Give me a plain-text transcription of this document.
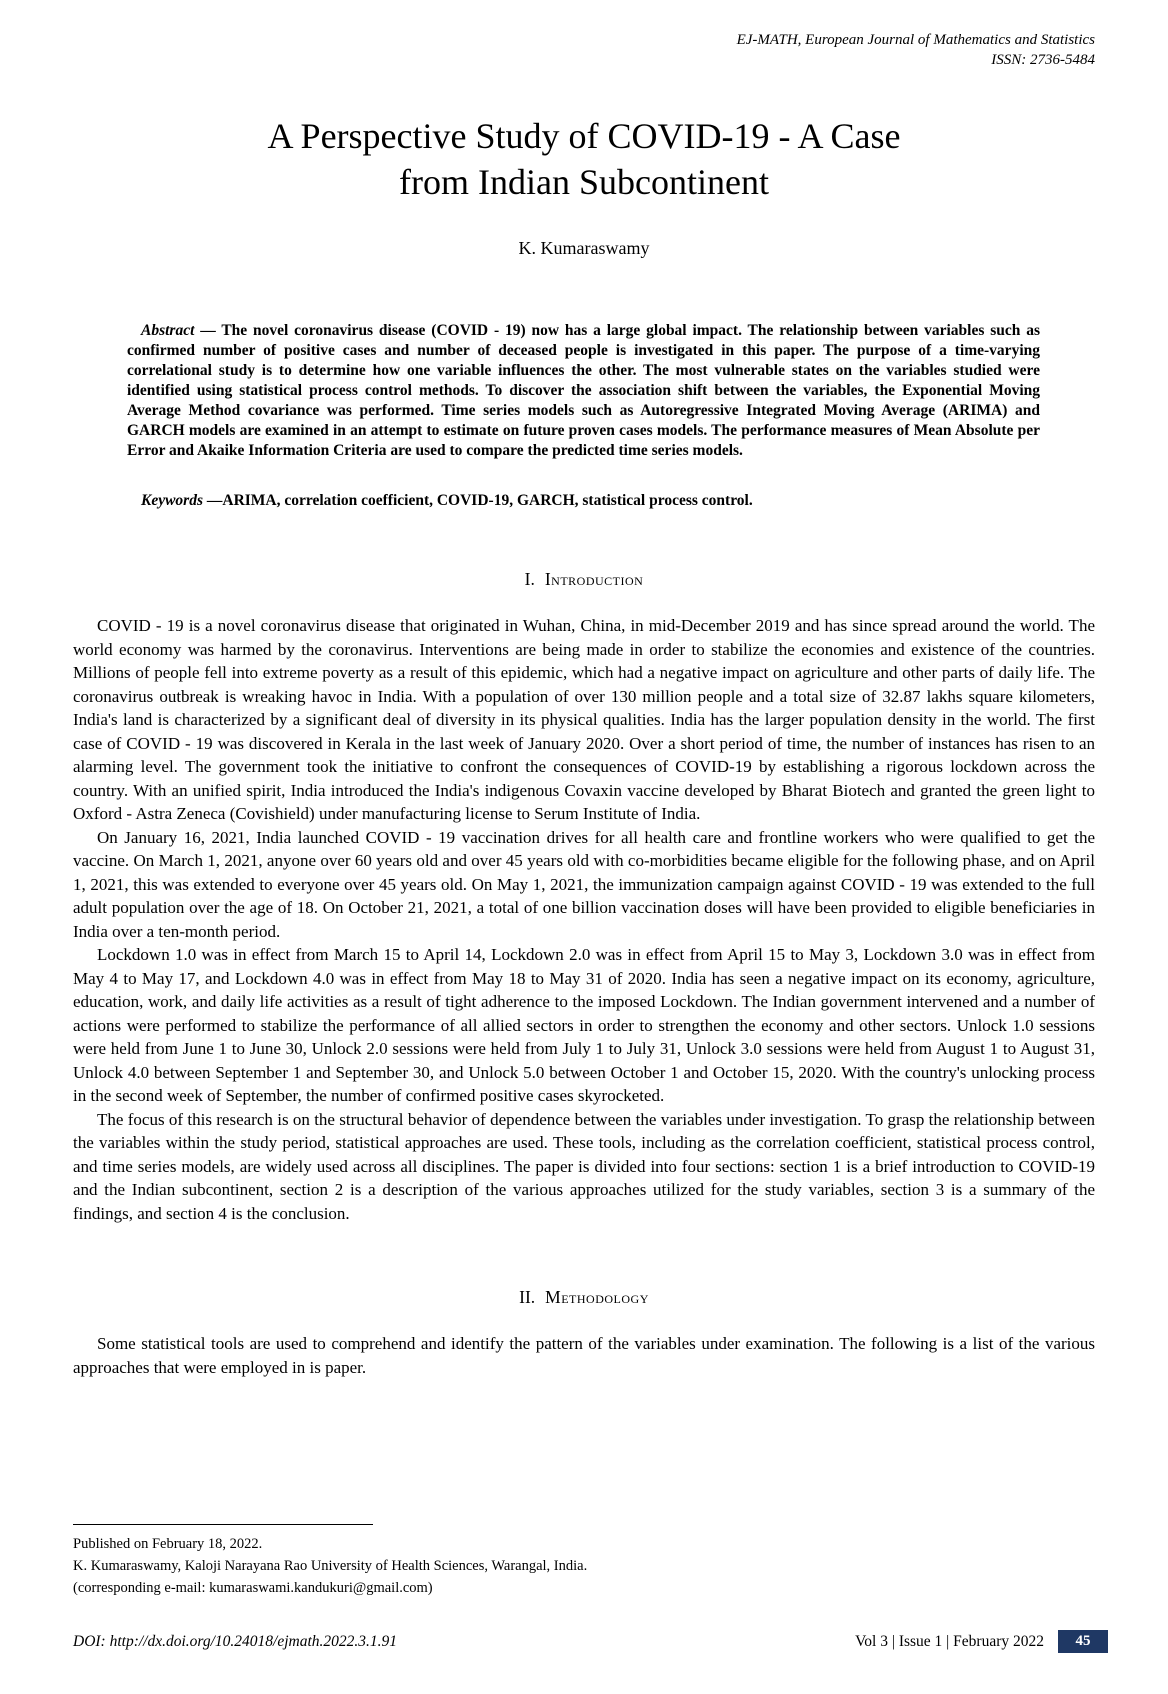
EJ-MATH, European Journal of Mathematics and Statistics
ISSN: 2736-5484
A Perspective Study of COVID-19 - A Case
from Indian Subcontinent
K. Kumaraswamy

Abstract — The novel coronavirus disease (COVID - 19) now has a large global impact. The relationship between variables such as confirmed number of positive cases and number of deceased people is investigated in this paper. The purpose of a time-varying correlational study is to determine how one variable influences the other. The most vulnerable states on the variables studied were identified using statistical process control methods. To discover the association shift between the variables, the Exponential Moving Average Method covariance was performed. Time series models such as Autoregressive Integrated Moving Average (ARIMA) and GARCH models are examined in an attempt to estimate on future proven cases models. The performance measures of Mean Absolute per Error and Akaike Information Criteria are used to compare the predicted time series models.

Keywords —ARIMA, correlation coefficient, COVID-19, GARCH, statistical process control.

I. Introduction

COVID - 19 is a novel coronavirus disease that originated in Wuhan, China, in mid-December 2019 and has since spread around the world. The world economy was harmed by the coronavirus. Interventions are being made in order to stabilize the economies and existence of the countries. Millions of people fell into extreme poverty as a result of this epidemic, which had a negative impact on agriculture and other parts of daily life. The coronavirus outbreak is wreaking havoc in India. With a population of over 130 million people and a total size of 32.87 lakhs square kilometers, India's land is characterized by a significant deal of diversity in its physical qualities. India has the larger population density in the world. The first case of COVID - 19 was discovered in Kerala in the last week of January 2020. Over a short period of time, the number of instances has risen to an alarming level. The government took the initiative to confront the consequences of COVID-19 by establishing a rigorous lockdown across the country. With an unified spirit, India introduced the India's indigenous Covaxin vaccine developed by Bharat Biotech and granted the green light to Oxford - Astra Zeneca (Covishield) under manufacturing license to Serum Institute of India.

On January 16, 2021, India launched COVID - 19 vaccination drives for all health care and frontline workers who were qualified to get the vaccine. On March 1, 2021, anyone over 60 years old and over 45 years old with co-morbidities became eligible for the following phase, and on April 1, 2021, this was extended to everyone over 45 years old. On May 1, 2021, the immunization campaign against COVID - 19 was extended to the full adult population over the age of 18. On October 21, 2021, a total of one billion vaccination doses will have been provided to eligible beneficiaries in India over a ten-month period.

Lockdown 1.0 was in effect from March 15 to April 14, Lockdown 2.0 was in effect from April 15 to May 3, Lockdown 3.0 was in effect from May 4 to May 17, and Lockdown 4.0 was in effect from May 18 to May 31 of 2020. India has seen a negative impact on its economy, agriculture, education, work, and daily life activities as a result of tight adherence to the imposed Lockdown. The Indian government intervened and a number of actions were performed to stabilize the performance of all allied sectors in order to strengthen the economy and other sectors. Unlock 1.0 sessions were held from June 1 to June 30, Unlock 2.0 sessions were held from July 1 to July 31, Unlock 3.0 sessions were held from August 1 to August 31, Unlock 4.0 between September 1 and September 30, and Unlock 5.0 between October 1 and October 15, 2020. With the country's unlocking process in the second week of September, the number of confirmed positive cases skyrocketed.

The focus of this research is on the structural behavior of dependence between the variables under investigation. To grasp the relationship between the variables within the study period, statistical approaches are used. These tools, including as the correlation coefficient, statistical process control, and time series models, are widely used across all disciplines. The paper is divided into four sections: section 1 is a brief introduction to COVID-19 and the Indian subcontinent, section 2 is a description of the various approaches utilized for the study variables, section 3 is a summary of the findings, and section 4 is the conclusion.

II. Methodology

Some statistical tools are used to comprehend and identify the pattern of the variables under examination. The following is a list of the various approaches that were employed in is paper.

Published on February 18, 2022.
K. Kumaraswamy, Kaloji Narayana Rao University of Health Sciences, Warangal, India.
(corresponding e-mail: kumaraswami.kandukuri@gmail.com)
DOI: http://dx.doi.org/10.24018/ejmath.2022.3.1.91	Vol 3 | Issue 1 | February 2022	45
